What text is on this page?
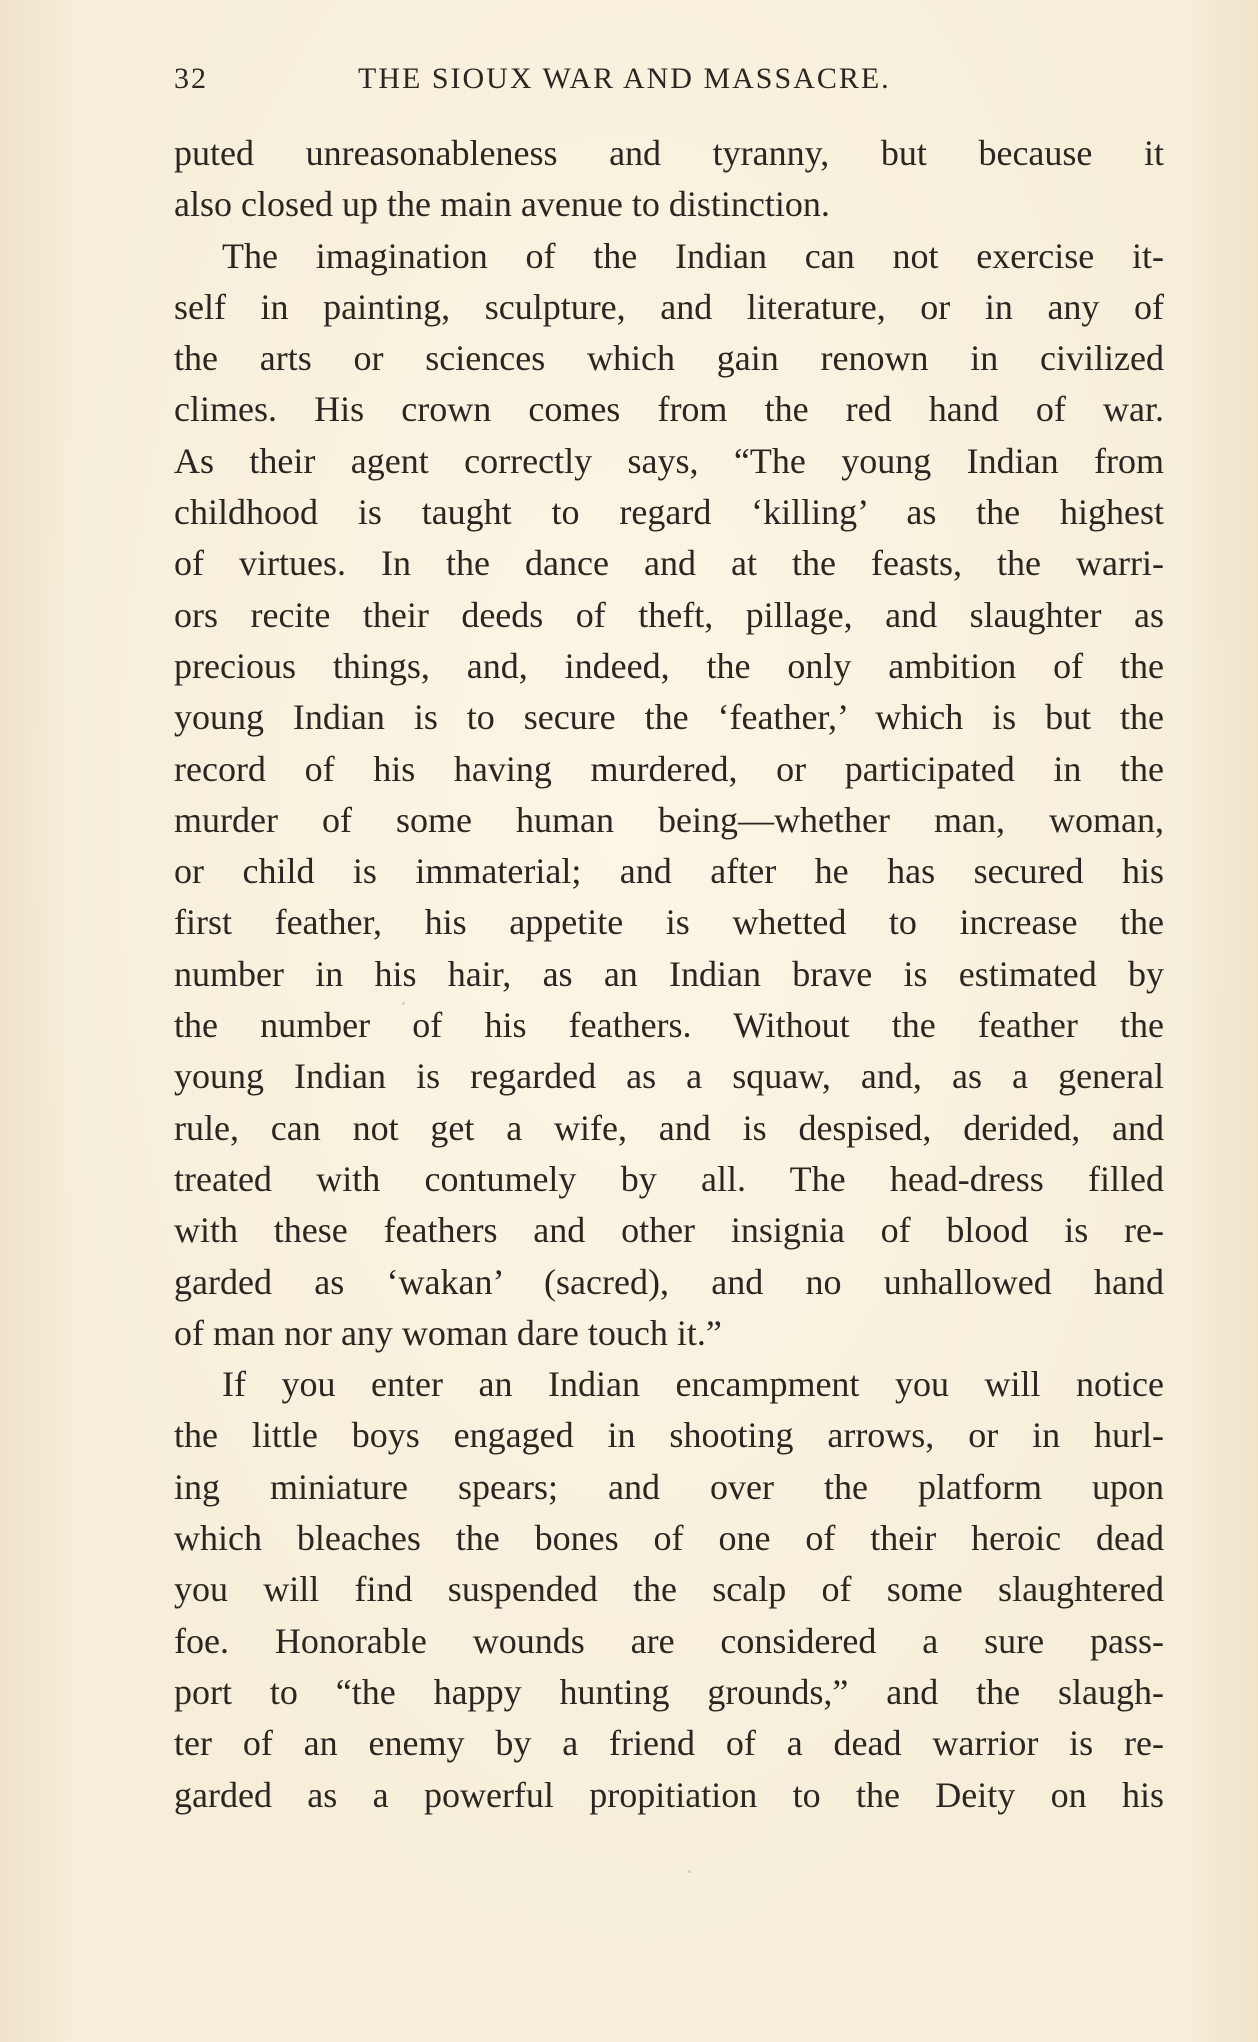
32	THE SIOUX WAR AND MASSACRE.
puted unreasonableness and tyranny, but because it
also closed up the main avenue to distinction.
The imagination of the Indian can not exercise it-
self in painting, sculpture, and literature, or in any of
the arts or sciences which gain renown in civilized
climes. His crown comes from the red hand of war.
As their agent correctly says, “The young Indian from
childhood is taught to regard ‘killing’ as the highest
of virtues. In the dance and at the feasts, the warri-
ors recite their deeds of theft, pillage, and slaughter as
precious things, and, indeed, the only ambition of the
young Indian is to secure the ‘feather,’ which is but the
record of his having murdered, or participated in the
murder of some human being—whether man, woman,
or child is immaterial; and after he has secured his
first feather, his appetite is whetted to increase the
number in his hair, as an Indian brave is estimated by
the number of his feathers. Without the feather the
young Indian is regarded as a squaw, and, as a general
rule, can not get a wife, and is despised, derided, and
treated with contumely by all. The head-dress filled
with these feathers and other insignia of blood is re-
garded as ‘wakan’ (sacred), and no unhallowed hand
of man nor any woman dare touch it.”
If you enter an Indian encampment you will notice
the little boys engaged in shooting arrows, or in hurl-
ing miniature spears; and over the platform upon
which bleaches the bones of one of their heroic dead
you will find suspended the scalp of some slaughtered
foe. Honorable wounds are considered a sure pass-
port to “the happy hunting grounds,” and the slaugh-
ter of an enemy by a friend of a dead warrior is re-
garded as a powerful propitiation to the Deity on his
